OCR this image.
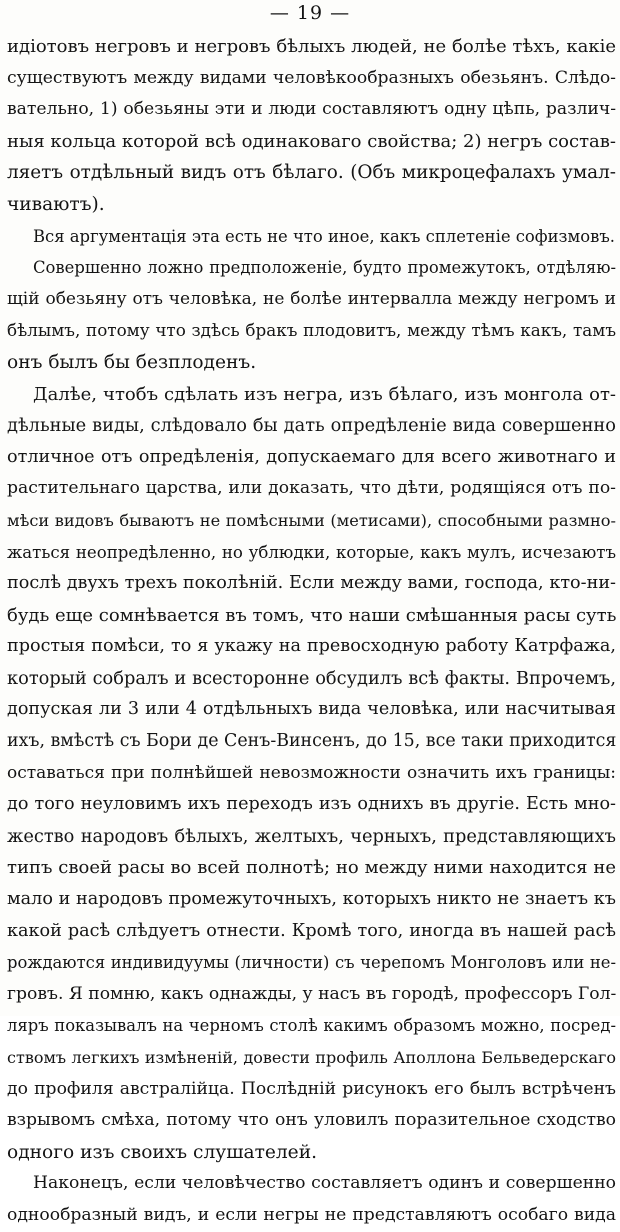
— 19 —
идіотовъ негровъ и негровъ бѣлыхъ людей, не болѣе тѣхъ, какіе
существуютъ между видами человѣкообразныхъ обезьянъ. Слѣдо-
вательно, 1) обезьяны эти и люди составляютъ одну цѣпь, различ-
ныя кольца которой всѣ одинаковаго свойства; 2) негръ состав-
ляетъ отдѣльный видъ отъ бѣлаго. (Объ микроцефалахъ умал-
чиваютъ).
Вся аргументація эта есть не что иное, какъ сплетеніе софизмовъ.
Совершенно ложно предположеніе, будто промежутокъ, отдѣляю-
щій обезьяну отъ человѣка, не болѣе интервалла между негромъ и
бѣлымъ, потому что здѣсь бракъ плодовитъ, между тѣмъ какъ, тамъ
онъ былъ бы безплоденъ.
Далѣе, чтобъ сдѣлать изъ негра, изъ бѣлаго, изъ монгола от-
дѣльные виды, слѣдовало бы дать опредѣленіе вида совершенно
отличное отъ опредѣленія, допускаемаго для всего животнаго и
растительнаго царства, или доказать, что дѣти, родящіяся отъ по-
мѣси видовъ бываютъ не помѣсными (метисами), способными размно-
жаться неопредѣленно, но ублюдки, которые, какъ мулъ, исчезаютъ
послѣ двухъ трехъ поколѣній. Если между вами, господа, кто-ни-
будь еще сомнѣвается въ томъ, что наши смѣшанныя расы суть
простыя помѣси, то я укажу на превосходную работу Катрфажа,
который собралъ и всесторонне обсудилъ всѣ факты. Впрочемъ,
допуская ли 3 или 4 отдѣльныхъ вида человѣка, или насчитывая
ихъ, вмѣстѣ съ Бори де Сенъ-Винсенъ, до 15, все таки приходится
оставаться при полнѣйшей невозможности означить ихъ границы:
до того неуловимъ ихъ переходъ изъ однихъ въ другіе. Есть мно-
жество народовъ бѣлыхъ, желтыхъ, черныхъ, представляющихъ
типъ своей расы во всей полнотѣ; но между ними находится не
мало и народовъ промежуточныхъ, которыхъ никто не знаетъ къ
какой расѣ слѣдуетъ отнести. Кромѣ того, иногда въ нашей расѣ
рождаются индивидуумы (личности) съ черепомъ Монголовъ или не-
гровъ. Я помню, какъ однажды, у насъ въ городѣ, профессоръ Гол-
ляръ показывалъ на черномъ столѣ какимъ образомъ можно, посред-
ствомъ легкихъ измѣненій, довести профиль Аполлона Бельведерскаго
до профиля австралійца. Послѣдній рисунокъ его былъ встрѣченъ
взрывомъ смѣха, потому что онъ уловилъ поразительное сходство
одного изъ своихъ слушателей.
Наконецъ, если человѣчество составляетъ одинъ и совершенно
однообразный видъ, и если негры не представляютъ особаго вида
